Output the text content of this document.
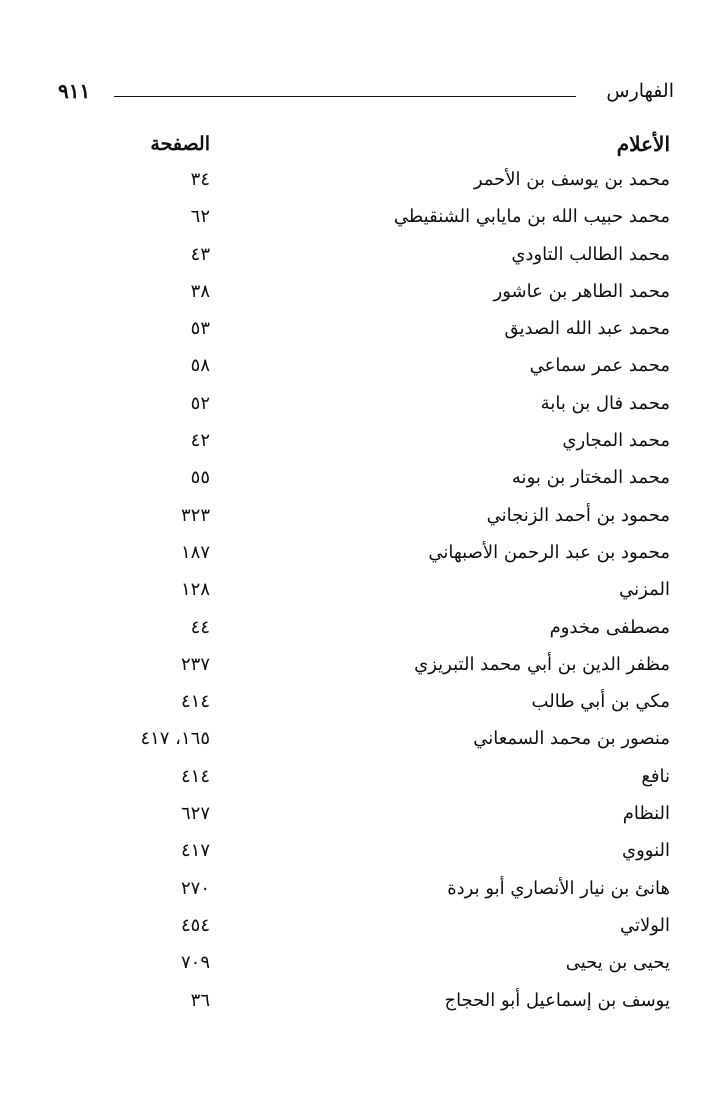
الفهارس
٩١١
الأعلام
الصفحة
محمد بن يوسف بن الأحمر
٣٤
محمد حبيب الله بن مايابي الشنقيطي
٦٢
محمد الطالب التاودي
٤٣
محمد الطاهر بن عاشور
٣٨
محمد عبد الله الصديق
٥٣
محمد عمر سماعي
٥٨
محمد فال بن بابة
٥٢
محمد المجاري
٤٢
محمد المختار بن بونه
٥٥
محمود بن أحمد الزنجاني
٣٢٣
محمود بن عبد الرحمن الأصبهاني
١٨٧
المزني
١٢٨
مصطفى مخدوم
٤٤
مظفر الدين بن أبي محمد التبريزي
٢٣٧
مكي بن أبي طالب
٤١٤
منصور بن محمد السمعاني
١٦٥، ٤١٧
نافع
٤١٤
النظام
٦٢٧
النووي
٤١٧
هانئ بن نيار الأنصاري أبو بردة
٢٧٠
الولاتي
٤٥٤
يحيى بن يحيى
٧٠٩
يوسف بن إسماعيل أبو الحجاج
٣٦
